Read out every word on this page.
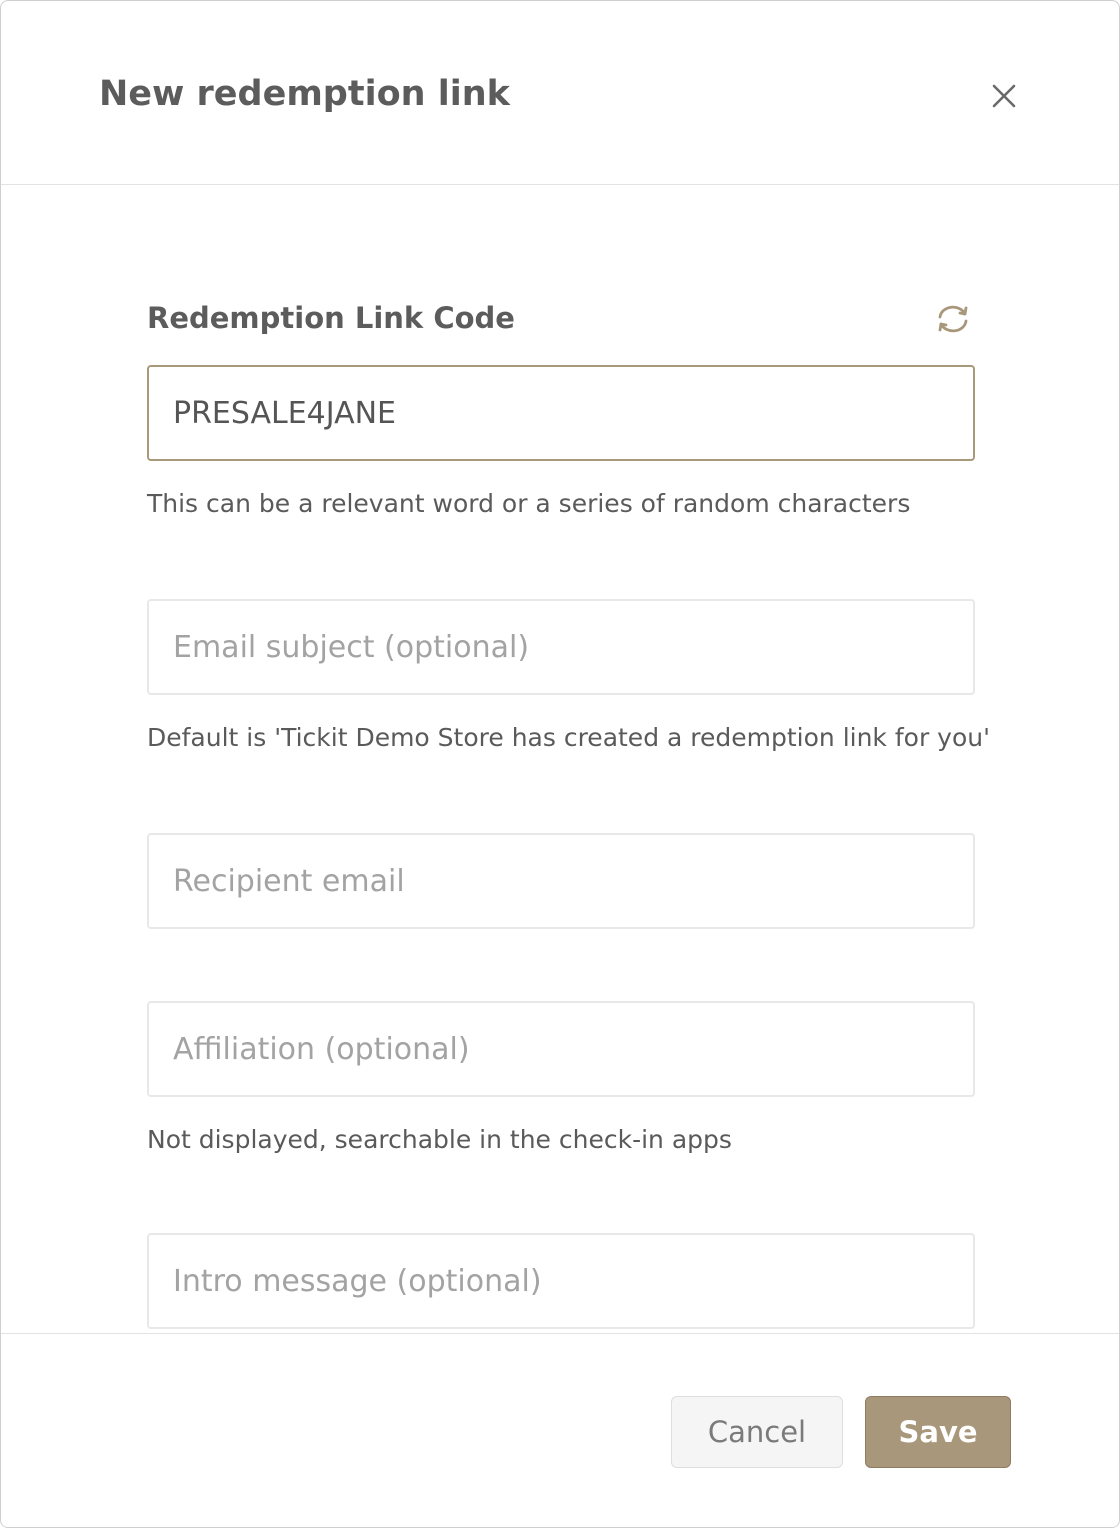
New redemption link
Redemption Link Code
PRESALE4JANE
This can be a relevant word or a series of random characters
Email subject (optional)
Default is 'Tickit Demo Store has created a redemption link for you'
Recipient email
Affiliation (optional)
Not displayed, searchable in the check-in apps
Intro message (optional)
Cancel	Save
